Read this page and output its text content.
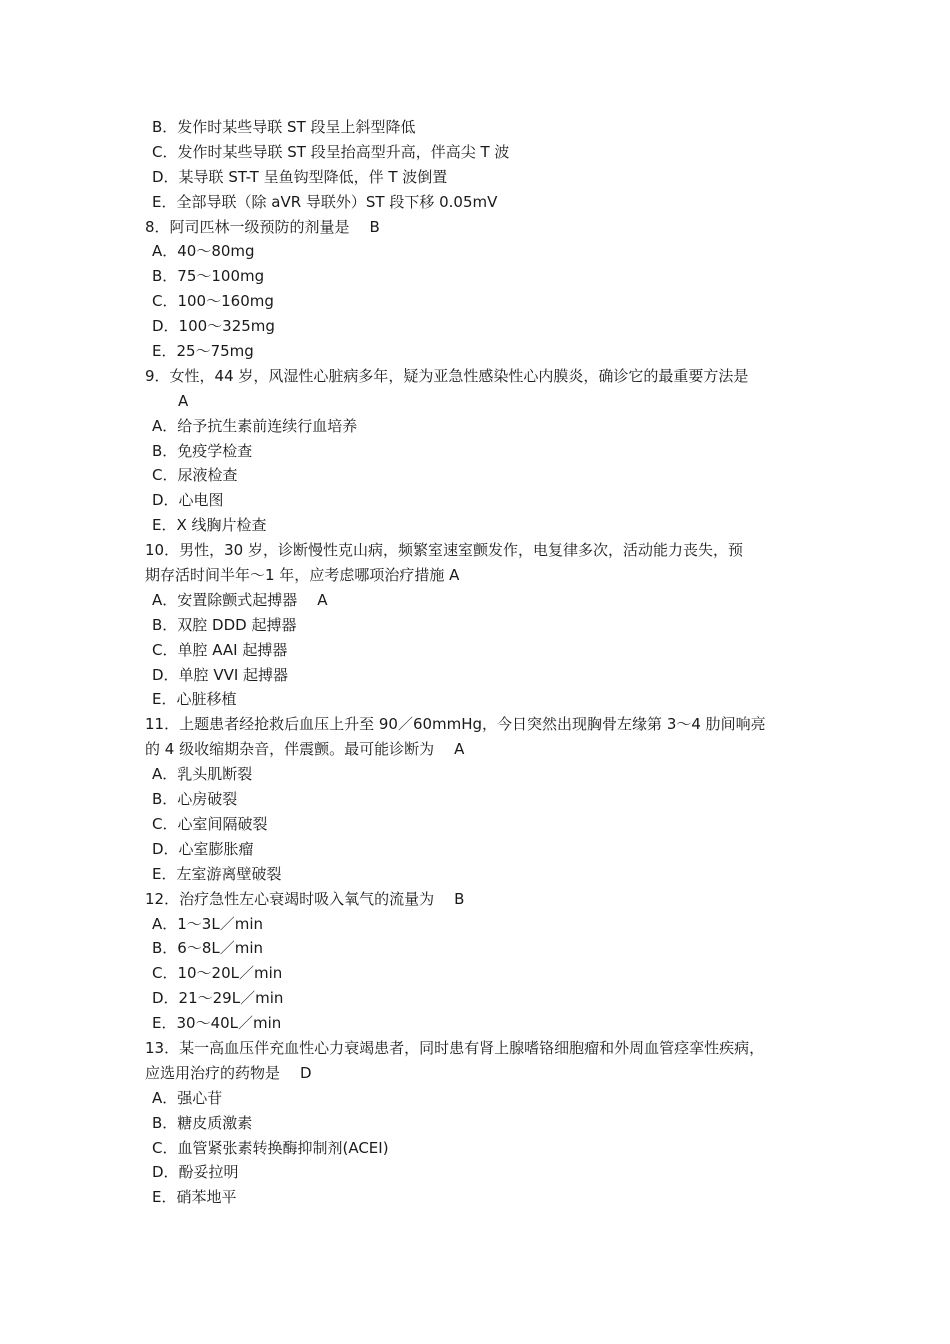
B．发作时某些导联 ST 段呈上斜型降低
C．发作时某些导联 ST 段呈抬高型升高，伴高尖 T 波
D．某导联 ST-T 呈鱼钩型降低，伴 T 波倒置
E．全部导联（除 aVR 导联外）ST 段下移 0.05mV
8．阿司匹林一级预防的剂量是 B
A．40～80mg
B．75～100mg
C．100～160mg
D．100～325mg
E．25～75mg
9．女性，44 岁，风湿性心脏病多年，疑为亚急性感染性心内膜炎，确诊它的最重要方法是
A
A．给予抗生素前连续行血培养
B．免疫学检查
C．尿液检查
D．心电图
E．X 线胸片检查
10．男性，30 岁，诊断慢性克山病，频繁室速室颤发作，电复律多次，活动能力丧失，预
期存活时间半年～1 年，应考虑哪项治疗措施 A
A．安置除颤式起搏器 A
B．双腔 DDD 起搏器
C．单腔 AAI 起搏器
D．单腔 VVI 起搏器
E．心脏移植
11．上题患者经抢救后血压上升至 90／60mmHg，今日突然出现胸骨左缘第 3～4 肋间响亮
的 4 级收缩期杂音，伴震颤。最可能诊断为 A
A．乳头肌断裂
B．心房破裂
C．心室间隔破裂
D．心室膨胀瘤
E．左室游离壁破裂
12．治疗急性左心衰竭时吸入氧气的流量为 B
A．1～3L／min
B．6～8L／min
C．10～20L／min
D．21～29L／min
E．30～40L／min
13．某一高血压伴充血性心力衰竭患者，同时患有肾上腺嗜铬细胞瘤和外周血管痉挛性疾病，
应选用治疗的药物是 D
A．强心苷
B．糖皮质激素
C．血管紧张素转换酶抑制剂(ACEI)
D．酚妥拉明
E．硝苯地平
